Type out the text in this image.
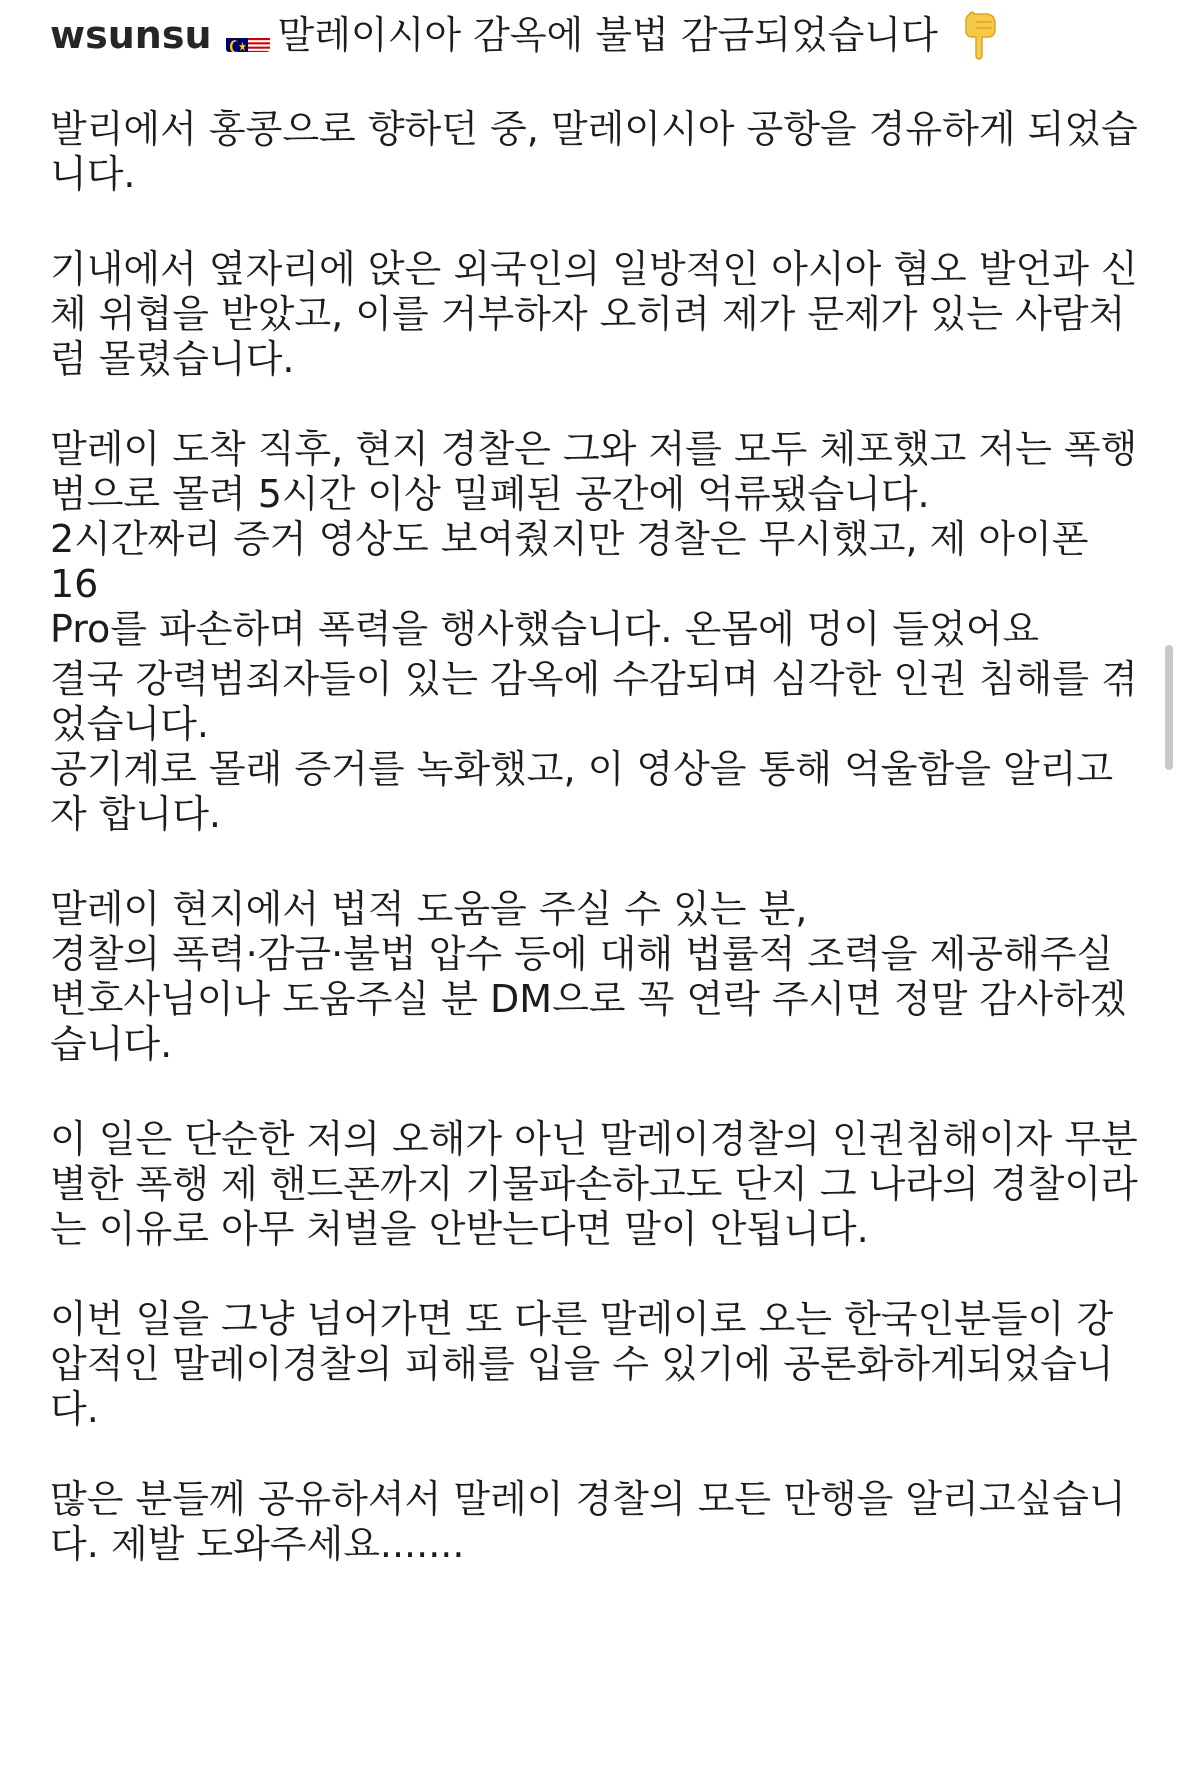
wsunsu 말레이시아 감옥에 불법 감금되었습니다
발리에서 홍콩으로 향하던 중, 말레이시아 공항을 경유하게 되었습
니다.
기내에서 옆자리에 앉은 외국인의 일방적인 아시아 혐오 발언과 신
체 위협을 받았고, 이를 거부하자 오히려 제가 문제가 있는 사람처
럼 몰렸습니다.
말레이 도착 직후, 현지 경찰은 그와 저를 모두 체포했고 저는 폭행
범으로 몰려 5시간 이상 밀폐된 공간에 억류됐습니다.
2시간짜리 증거 영상도 보여줬지만 경찰은 무시했고, 제 아이폰 16
Pro를 파손하며 폭력을 행사했습니다. 온몸에 멍이 들었어요
결국 강력범죄자들이 있는 감옥에 수감되며 심각한 인권 침해를 겪
었습니다.
공기계로 몰래 증거를 녹화했고, 이 영상을 통해 억울함을 알리고
자 합니다.
말레이 현지에서 법적 도움을 주실 수 있는 분,
경찰의 폭력·감금·불법 압수 등에 대해 법률적 조력을 제공해주실
변호사님이나 도움주실 분 DM으로 꼭 연락 주시면 정말 감사하겠
습니다.
이 일은 단순한 저의 오해가 아닌 말레이경찰의 인권침해이자 무분
별한 폭행 제 핸드폰까지 기물파손하고도 단지 그 나라의 경찰이라
는 이유로 아무 처벌을 안받는다면 말이 안됩니다.
이번 일을 그냥 넘어가면 또 다른 말레이로 오는 한국인분들이 강
압적인 말레이경찰의 피해를 입을 수 있기에 공론화하게되었습니
다.
많은 분들께 공유하셔서 말레이 경찰의 모든 만행을 알리고싶습니
다. 제발 도와주세요.......
